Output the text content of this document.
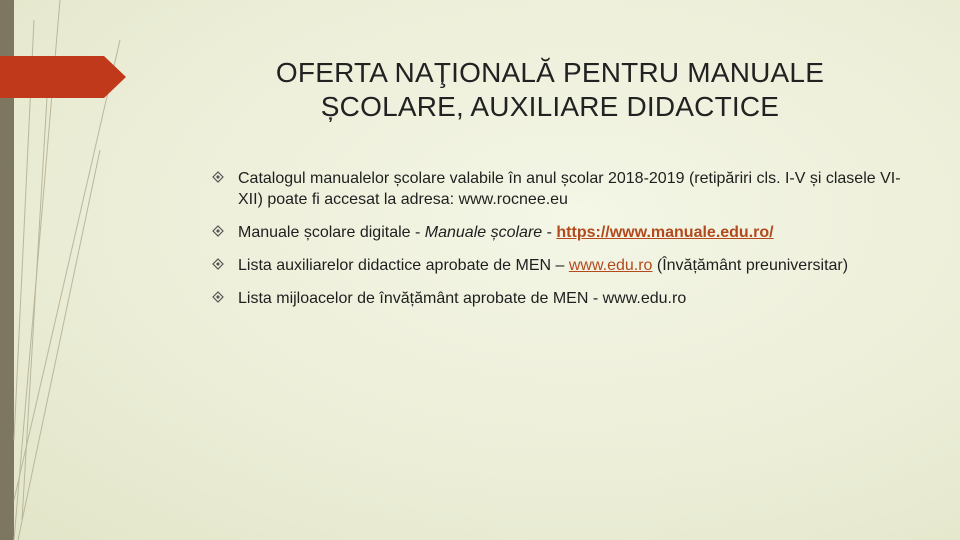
OFERTA NAŢIONALĂ PENTRU MANUALE
ȘCOLARE, AUXILIARE DIDACTICE
Catalogul manualelor școlare valabile în anul școlar 2018-2019 (retipăriri cls. I-V și clasele VI-XII) poate fi accesat la adresa: www.rocnee.eu
Manuale școlare digitale - Manuale școlare - https://www.manuale.edu.ro/
Lista auxiliarelor didactice aprobate de MEN – www.edu.ro (Învățământ preuniversitar)
Lista mijloacelor de învățământ aprobate de MEN - www.edu.ro
